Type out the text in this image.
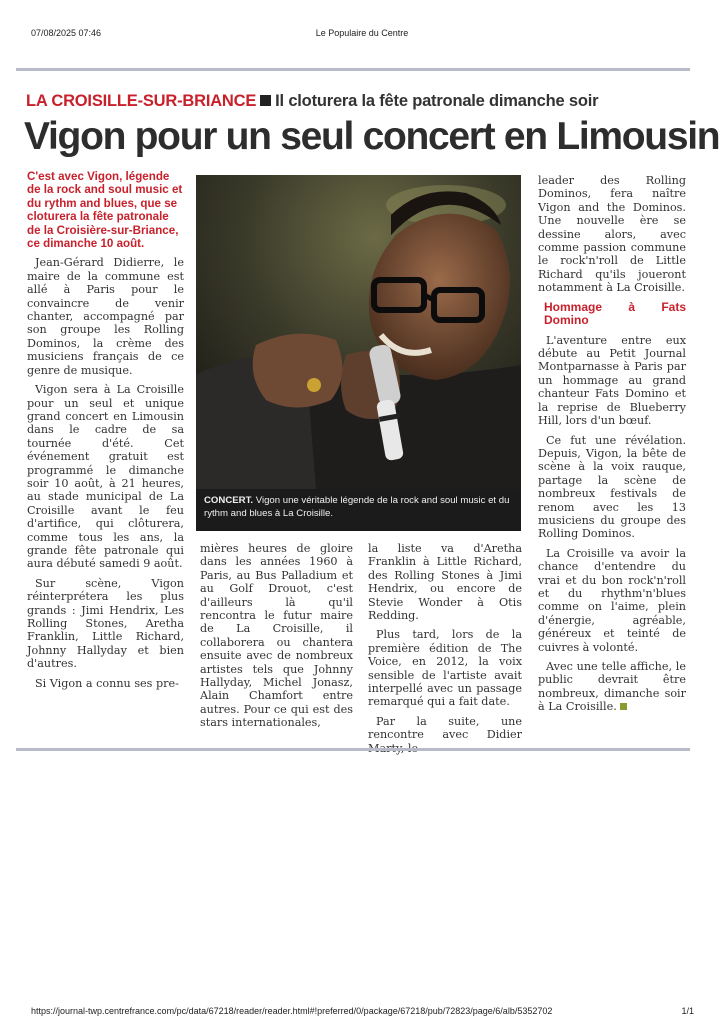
07/08/2025 07:46	Le Populaire du Centre
LA CROISILLE-SUR-BRIANCE Il cloturera la fête patronale dimanche soir
Vigon pour un seul concert en Limousin

C'est avec Vigon, légende de la rock and soul music et du rythm and blues, que se cloturera la fête patronale de la Croisière-sur-Briance, ce dimanche 10 août.

Jean-Gérard Didierre, le maire de la commune est allé à Paris pour le convaincre de venir chanter, accompagné par son groupe les Rolling Dominos, la crème des musiciens français de ce genre de musique.

Vigon sera à La Croisille pour un seul et unique grand concert en Limousin dans le cadre de sa tournée d'été. Cet événement gratuit est programmé le dimanche soir 10 août, à 21 heures, au stade municipal de La Croisille avant le feu d'artifice, qui clôturera, comme tous les ans, la grande fête patronale qui aura débuté samedi 9 août.

Sur scène, Vigon réinterprétera les plus grands : Jimi Hendrix, Les Rolling Stones, Aretha Franklin, Little Richard, Johnny Hallyday et bien d'autres.

Si Vigon a connu ses pre-

CONCERT. Vigon une véritable légende de la rock and soul music et du rythm and blues à La Croisille.

mières heures de gloire dans les années 1960 à Paris, au Bus Palladium et au Golf Drouot, c'est d'ailleurs là qu'il rencontra le futur maire de La Croisille, il collaborera ou chantera ensuite avec de nombreux artistes tels que Johnny Hallyday, Michel Jonasz, Alain Chamfort entre autres. Pour ce qui est des stars internationales,

la liste va d'Aretha Franklin à Little Richard, des Rolling Stones à Jimi Hendrix, ou encore de Stevie Wonder à Otis Redding.

Plus tard, lors de la première édition de The Voice, en 2012, la voix sensible de l'artiste avait interpellé avec un passage remarqué qui a fait date.

Par la suite, une rencontre avec Didier

leader des Rolling Dominos, fera naître Vigon and the Dominos. Une nouvelle ère se dessine alors, avec comme passion commune le rock'n'roll de Little Richard qu'ils joueront notamment à La Croisille.

Hommage à Fats Domino

L'aventure entre eux débute au Petit Journal Montparnasse à Paris par un hommage au grand chanteur Fats Domino et la reprise de Blueberry Hill, lors d'un bœuf.

Ce fut une révélation. Depuis, Vigon, la bête de scène à la voix rauque, partage la scène de nombreux festivals de renom avec les 13 musiciens du groupe des Rolling Dominos.

La Croisille va avoir la chance d'entendre du vrai et du bon rock'n'roll et du rhythm'n'blues comme on l'aime, plein d'énergie, agréable, généreux et teinté de cuivres à volonté.

Avec une telle affiche, le public devrait être nombreux, dimanche soir à La Croisille.

https://journal-twp.centrefrance.com/pc/data/67218/reader/reader.html#!preferred/0/package/67218/pub/72823/page/6/alb/5352702	1/1
